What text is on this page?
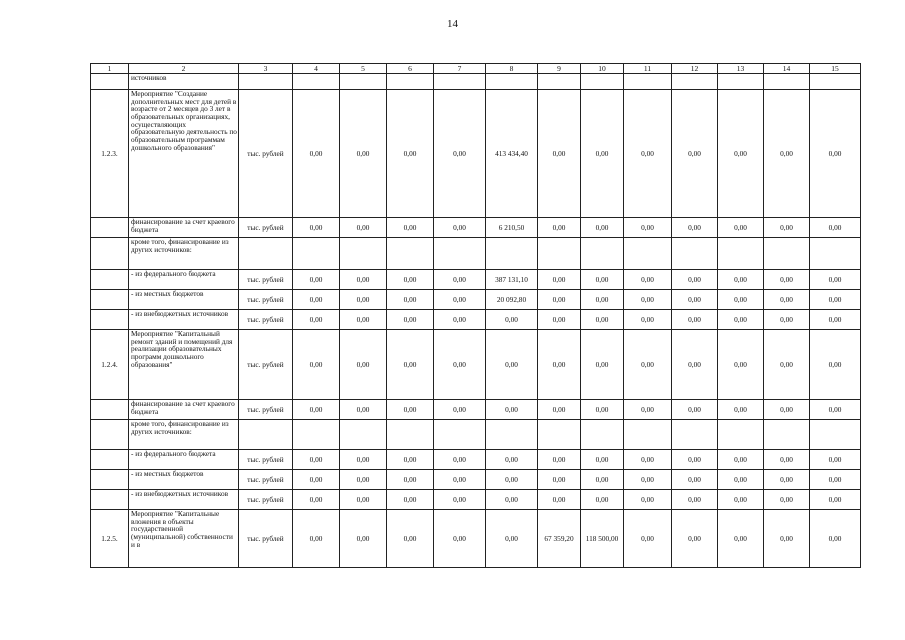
14
1	2	3	4	5	6	7	8	9	10	11	12	13	14	15
	источников													
1.2.3.	Мероприятие "Создание дополнительных мест для детей в возрасте от 2 месяцев до 3 лет в образовательных организациях, осуществляющих образовательную деятельность по образовательным программам дошкольного образования"	тыс. рублей	0,00	0,00	0,00	0,00	413 434,40	0,00	0,00	0,00	0,00	0,00	0,00	0,00
	финансирование за счет краевого бюджета	тыс. рублей	0,00	0,00	0,00	0,00	6 210,50	0,00	0,00	0,00	0,00	0,00	0,00	0,00
	кроме того, финансирование из других источников:													
	- из федерального бюджета	тыс. рублей	0,00	0,00	0,00	0,00	387 131,10	0,00	0,00	0,00	0,00	0,00	0,00	0,00
	- из местных бюджетов	тыс. рублей	0,00	0,00	0,00	0,00	20 092,80	0,00	0,00	0,00	0,00	0,00	0,00	0,00
	- из внебюджетных источников	тыс. рублей	0,00	0,00	0,00	0,00	0,00	0,00	0,00	0,00	0,00	0,00	0,00	0,00
1.2.4.	Мероприятие "Капитальный ремонт зданий и помещений для реализации образовательных программ дошкольного образования"	тыс. рублей	0,00	0,00	0,00	0,00	0,00	0,00	0,00	0,00	0,00	0,00	0,00	0,00
	финансирование за счет краевого бюджета	тыс. рублей	0,00	0,00	0,00	0,00	0,00	0,00	0,00	0,00	0,00	0,00	0,00	0,00
	кроме того, финансирование из других источников:													
	- из федерального бюджета	тыс. рублей	0,00	0,00	0,00	0,00	0,00	0,00	0,00	0,00	0,00	0,00	0,00	0,00
	- из местных бюджетов	тыс. рублей	0,00	0,00	0,00	0,00	0,00	0,00	0,00	0,00	0,00	0,00	0,00	0,00
	- из внебюджетных источников	тыс. рублей	0,00	0,00	0,00	0,00	0,00	0,00	0,00	0,00	0,00	0,00	0,00	0,00
1.2.5.	Мероприятие "Капитальные вложения в объекты государственной (муниципальной) собственности и в	тыс. рублей	0,00	0,00	0,00	0,00	0,00	67 359,20	118 500,00	0,00	0,00	0,00	0,00	0,00
